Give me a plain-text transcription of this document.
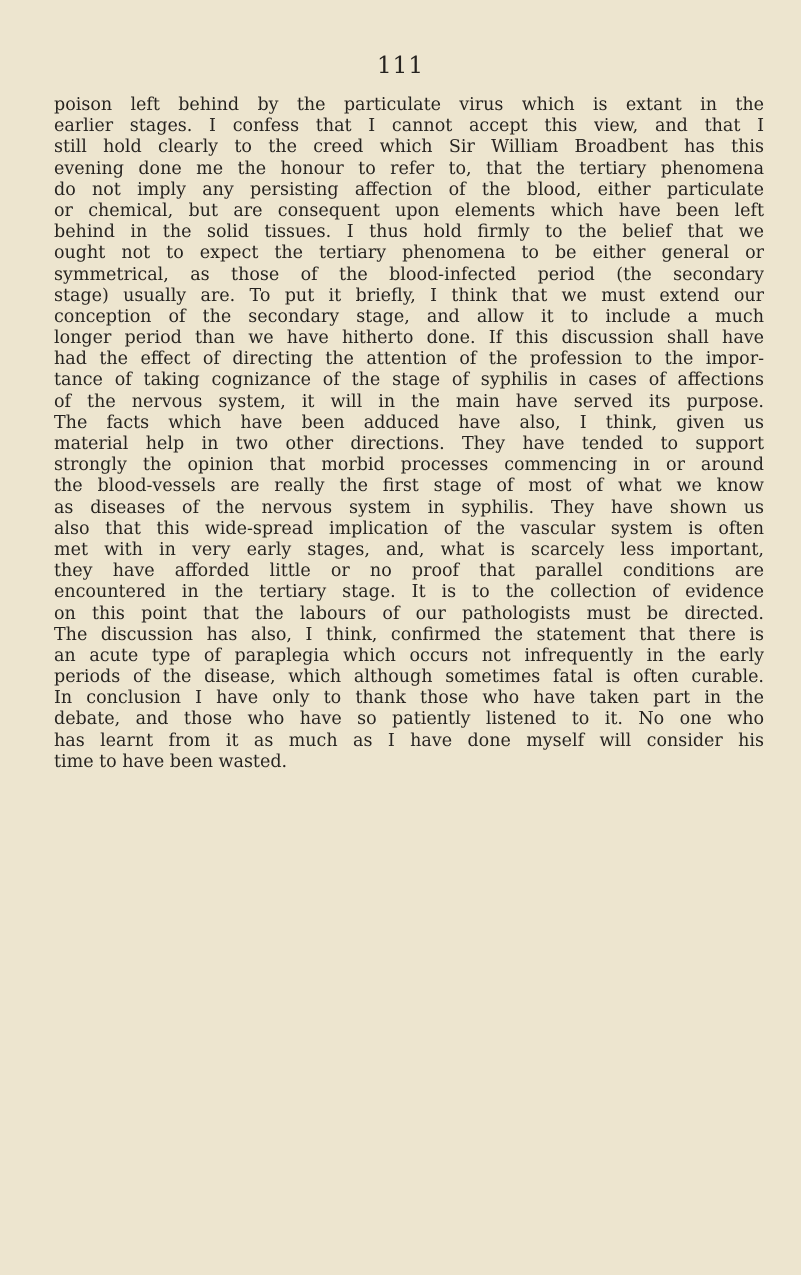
111
poison left behind by the particulate virus which is extant in the
earlier stages. I confess that I cannot accept this view, and that I
still hold clearly to the creed which Sir William Broadbent has this
evening done me the honour to refer to, that the tertiary phenomena
do not imply any persisting affection of the blood, either particulate
or chemical, but are consequent upon elements which have been left
behind in the solid tissues. I thus hold firmly to the belief that we
ought not to expect the tertiary phenomena to be either general or
symmetrical, as those of the blood-infected period (the secondary
stage) usually are. To put it briefly, I think that we must extend our
conception of the secondary stage, and allow it to include a much
longer period than we have hitherto done. If this discussion shall have
had the effect of directing the attention of the profession to the impor-
tance of taking cognizance of the stage of syphilis in cases of affections
of the nervous system, it will in the main have served its purpose.
The facts which have been adduced have also, I think, given us
material help in two other directions. They have tended to support
strongly the opinion that morbid processes commencing in or around
the blood-vessels are really the first stage of most of what we know
as diseases of the nervous system in syphilis. They have shown us
also that this wide-spread implication of the vascular system is often
met with in very early stages, and, what is scarcely less important,
they have afforded little or no proof that parallel conditions are
encountered in the tertiary stage. It is to the collection of evidence
on this point that the labours of our pathologists must be directed.
The discussion has also, I think, confirmed the statement that there is
an acute type of paraplegia which occurs not infrequently in the early
periods of the disease, which although sometimes fatal is often curable.
In conclusion I have only to thank those who have taken part in the
debate, and those who have so patiently listened to it. No one who
has learnt from it as much as I have done myself will consider his
time to have been wasted.
